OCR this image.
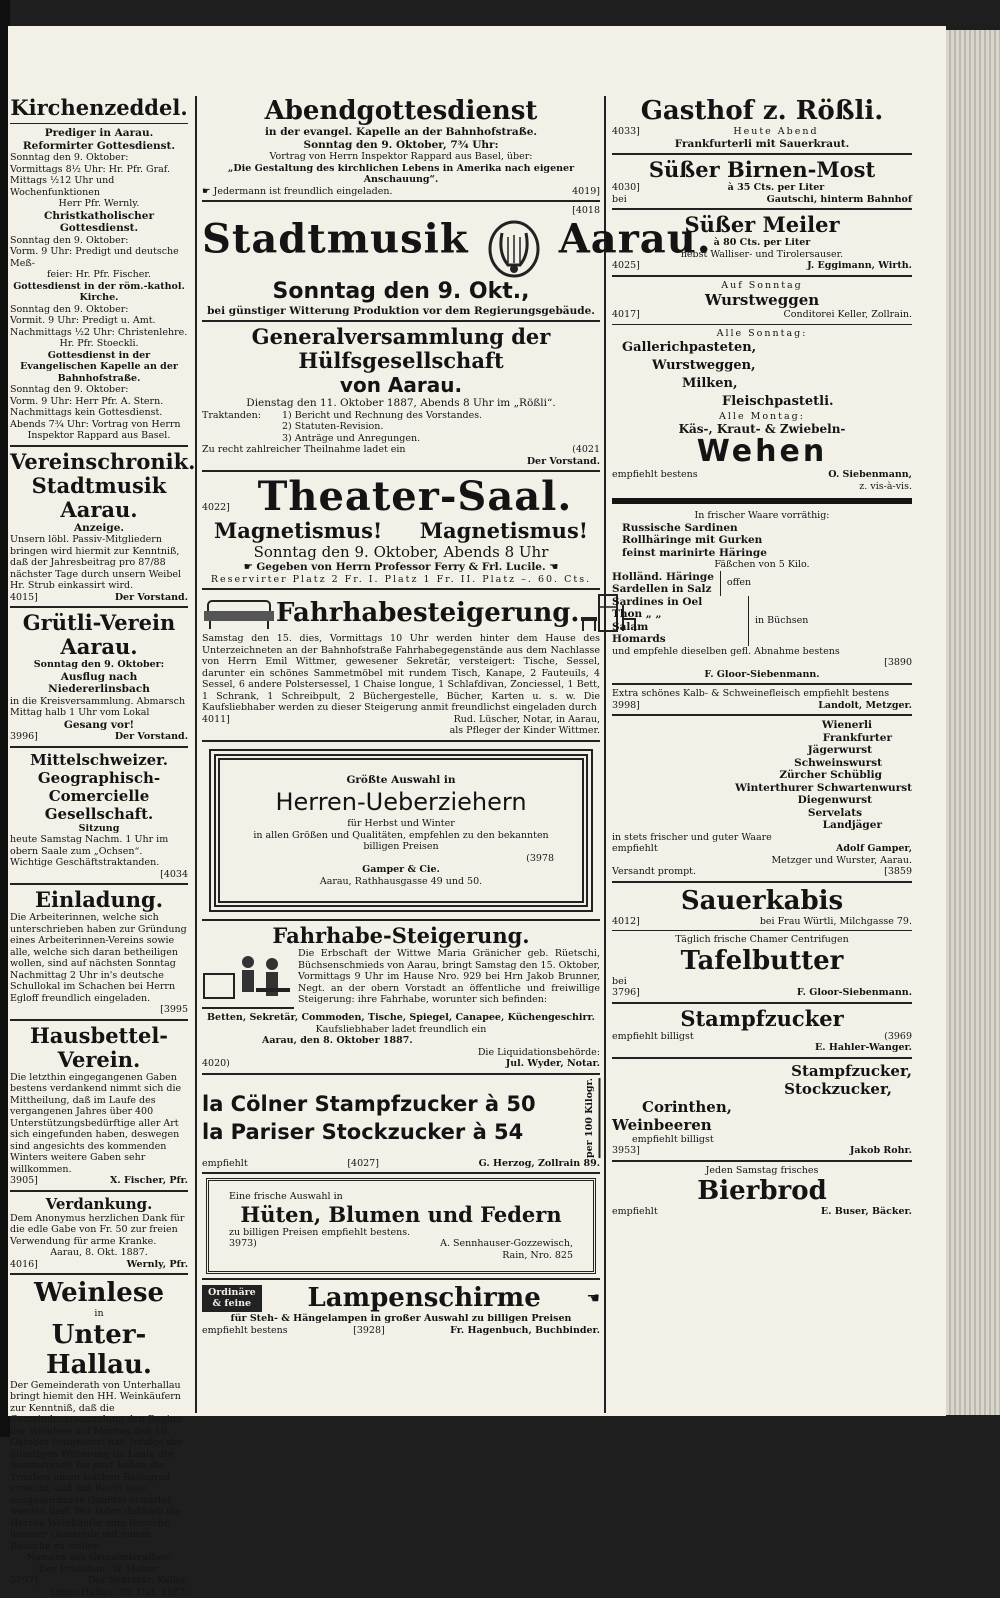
Kirchenzeddel.
Prediger in Aarau.
Reformirter Gottesdienst.
Sonntag den 9. Oktober:
Vormittags 8½ Uhr: Hr. Pfr. Graf.
Mittags ½12 Uhr und Wochenfunktionen
Herr Pfr. Wernly.
Christkatholischer Gottesdienst.
Sonntag den 9. Oktober:
Vorm. 9 Uhr: Predigt und deutsche Meß-
feier: Hr. Pfr. Fischer.
Gottesdienst in der röm.-kathol. Kirche.
Sonntag den 9. Oktober:
Vormit. 9 Uhr: Predigt u. Amt.
Nachmittags ½2 Uhr: Christenlehre.
Hr. Pfr. Stoeckli.
Gottesdienst in der Evangelischen Kapelle an der Bahnhofstraße.
Sonntag den 9. Oktober:
Vorm. 9 Uhr: Herr Pfr. A. Stern.
Nachmittags kein Gottesdienst.
Abends 7¾ Uhr: Vortrag von Herrn
Inspektor Rappard aus Basel.
Vereinschronik.
Stadtmusik Aarau.
Anzeige.
Unsern löbl. Passiv-Mitgliedern bringen wird hiermit zur Kenntniß, daß der Jahresbeitrag pro 87/88 nächster Tage durch unsern Weibel Hr. Strub einkassirt wird.
4015]	Der Vorstand.
Grütli-Verein Aarau.
Sonntag den 9. Oktober:
Ausflug nach Niedererlinsbach
in die Kreisversammlung. Abmarsch Mittag halb 1 Uhr vom Lokal
Gesang vor!
3996]	Der Vorstand.
Mittelschweizer. Geographisch-Comercielle Gesellschaft.
Sitzung
heute Samstag Nachm. 1 Uhr im obern Saale zum „Ochsen“. Wichtige Geschäftstraktanden.
[4034
Einladung.
Die Arbeiterinnen, welche sich unterschrieben haben zur Gründung eines Arbeiterinnen-Vereins sowie alle, welche sich daran betheiligen wollen, sind auf nächsten Sonntag Nachmittag 2 Uhr in's deutsche Schullokal im Schachen bei Herrn Egloff freundlich eingeladen.
[3995
Hausbettel-Verein.
Die letzthin eingegangenen Gaben bestens verdankend nimmt sich die Mittheilung, daß im Laufe des vergangenen Jahres über 400 Unterstützungsbedürftige aller Art sich eingefunden haben, deswegen sind angesichts des kommenden Winters weitere Gaben sehr willkommen.
3905]	X. Fischer, Pfr.
Verdankung.
Dem Anonymus herzlichen Dank für die edle Gabe von Fr. 50 zur freien Verwendung für arme Kranke.
Aarau, 8. Okt. 1887.
4016]	Wernly, Pfr.
Weinlese
in
Unter-Hallau.
Der Gemeinderath von Unterhallau bringt hiemit den HH. Weinkäufern zur Kenntniß, daß die Gemeindeversammlung den Beginn der Weinlese auf Montag den 10. Oktober festgesetzt hat. Infolge der günstigen Witterung im Laufe der Sommerszeit bis jetzt haben die Trauben einen solchen Reifegrad erreicht, daß mit Recht eine ausgezeichnete Qualität erwartet werden darf. Wir laden deßhalb die Herren Weinkäufer zum Besuche unserer Gemeinde mit einem Besuche zu wollen.
Namens des Gemeinderathes:
Der Präsident: W. Huber,
3797]	Der Sekretär: Keller.
Unter-Hallau, 30. Okt. 1887.
Abendgottesdienst
in der evangel. Kapelle an der Bahnhofstraße.
Sonntag den 9. Oktober, 7¾ Uhr:
Vortrag von Herrn Inspektor Rappard aus Basel, über:
„Die Gestaltung des kirchlichen Lebens in Amerika nach eigener Anschauung“.
☛ Jedermann ist freundlich eingeladen.	4019]
[4018
Stadtmusik Aarau.
Sonntag den 9. Okt.,
bei günstiger Witterung Produktion vor dem Regierungsgebäude.
Generalversammlung der Hülfsgesellschaft
von Aarau.
Dienstag den 11. Oktober 1887, Abends 8 Uhr im „Rößli“.
Traktanden:	1) Bericht und Rechnung des Vorstandes.
2) Statuten-Revision.
3) Anträge und Anregungen.
Zu recht zahlreicher Theilnahme ladet ein	(4021
Der Vorstand.
4022] Theater-Saal.
Magnetismus! Magnetismus!
Sonntag den 9. Oktober, Abends 8 Uhr
☛ Gegeben von Herrn Professor Ferry & Frl. Lucile. ☚
Reservirter Platz 2 Fr. I. Platz 1 Fr. II. Platz –. 60. Cts.
Fahrhabesteigerung.
Samstag den 15. dies, Vormittags 10 Uhr werden hinter dem Hause des Unterzeichneten an der Bahnhofstraße Fahrhabegegenstände aus dem Nachlasse von Herrn Emil Wittmer, gewesener Sekretär, versteigert: Tische, Sessel, darunter ein schönes Sammetmöbel mit rundem Tisch, Kanape, 2 Fauteuils, 4 Sessel, 6 andere Polstersessel, 1 Chaise longue, 1 Schlafdivan, Zonciessel, 1 Bett, 1 Schrank, 1 Schreibpult, 2 Büchergestelle, Bücher, Karten u. s. w. Die Kaufsliebhaber werden zu dieser Steigerung anmit freundlichst eingeladen durch
4011]	Rud. Lüscher, Notar, in Aarau,
als Pfleger der Kinder Wittmer.
Größte Auswahl in
Herren-Ueberziehern
für Herbst und Winter
in allen Größen und Qualitäten, empfehlen zu den bekannten billigen Preisen
(3978
Gamper & Cie.
Aarau, Rathhausgasse 49 und 50.
Fahrhabe-Steigerung.
Die Erbschaft der Wittwe Maria Gränicher geb. Rüetschi, Büchsenschmieds von Aarau, bringt Samstag den 15. Oktober, Vormittags 9 Uhr im Hause Nro. 929 bei Hrn Jakob Brunner, Negt. an der obern Vorstadt an öffentliche und freiwillige Steigerung: ihre Fahrhabe, worunter sich befinden:
Betten, Sekretär, Commoden, Tische, Spiegel, Canapee, Küchengeschirr.
Kaufsliebhaber ladet freundlich ein
Aarau, den 8. Oktober 1887.
Die Liquidationsbehörde:
4020)	Jul. Wyder, Notar.
la Cölner Stampfzucker à 50
la Pariser Stockzucker à 54	per 100 Kilogr.
empfiehlt	[4027]	G. Herzog, Zollrain 89.
Eine frische Auswahl in
Hüten, Blumen und Federn
zu billigen Preisen empfiehlt bestens.
3973)	A. Sennhauser-Gozzewisch,
Rain, Nro. 825
Ordinäre
& feine Lampenschirme	☚
für Steh- & Hängelampen in großer Auswahl zu billigen Preisen
empfiehlt bestens	[3928]	Fr. Hagenbuch, Buchbinder.
Gasthof z. Rößli.
4033]	Heute Abend
Frankfurterli mit Sauerkraut.
Süßer Birnen-Most
4030]	à 35 Cts. per Liter
bei	Gautschi, hinterm Bahnhof
Süßer Meiler
à 80 Cts. per Liter
nebst Walliser- und Tirolersauser.
4025]	J. Eggimann, Wirth.
Auf Sonntag
Wurstweggen
4017]	Conditorei Keller, Zollrain.
Alle Sonntag:
Gallerichpasteten,
Wurstweggen,
Milken,
Fleischpastetli.
Alle Montag:
Käs-, Kraut- & Zwiebeln-
Wehen
empfiehlt bestens	O. Siebenmann,
z. vis-à-vis.
In frischer Waare vorräthig:
Russische Sardinen
Rollhäringe mit Gurken
feinst marinirte Häringe
Fäßchen von 5 Kilo.
Holländ. Häringe
Sardellen in Salz
offen
Sardines in Oel
Thon „ „
Salam
Homards
in Büchsen
und empfehle dieselben gefl. Abnahme bestens
[3890
F. Gloor-Siebenmann.
Extra schönes Kalb- & Schweinefleisch empfiehlt bestens
3998]	Landolt, Metzger.
Wienerli
Frankfurter
Jägerwurst
Schweinswurst
Zürcher Schüblig
Winterthurer Schwartenwurst
Diegenwurst
Servelats
Landjäger
in stets frischer und guter Waare
empfiehlt	Adolf Gamper,
Metzger und Wurster, Aarau.
Versandt prompt.	[3859
Sauerkabis
4012]	bei Frau Würtli, Milchgasse 79.
Täglich frische Chamer Centrifugen
Tafelbutter
bei
3796]	F. Gloor-Siebenmann.
Stampfzucker
empfiehlt billigst	(3969
E. Hahler-Wanger.
Stampfzucker,
Stockzucker,
Corinthen,
Weinbeeren
empfiehlt billigst
3953]	Jakob Rohr.
Jeden Samstag frisches
Bierbrod
empfiehlt	E. Buser, Bäcker.
